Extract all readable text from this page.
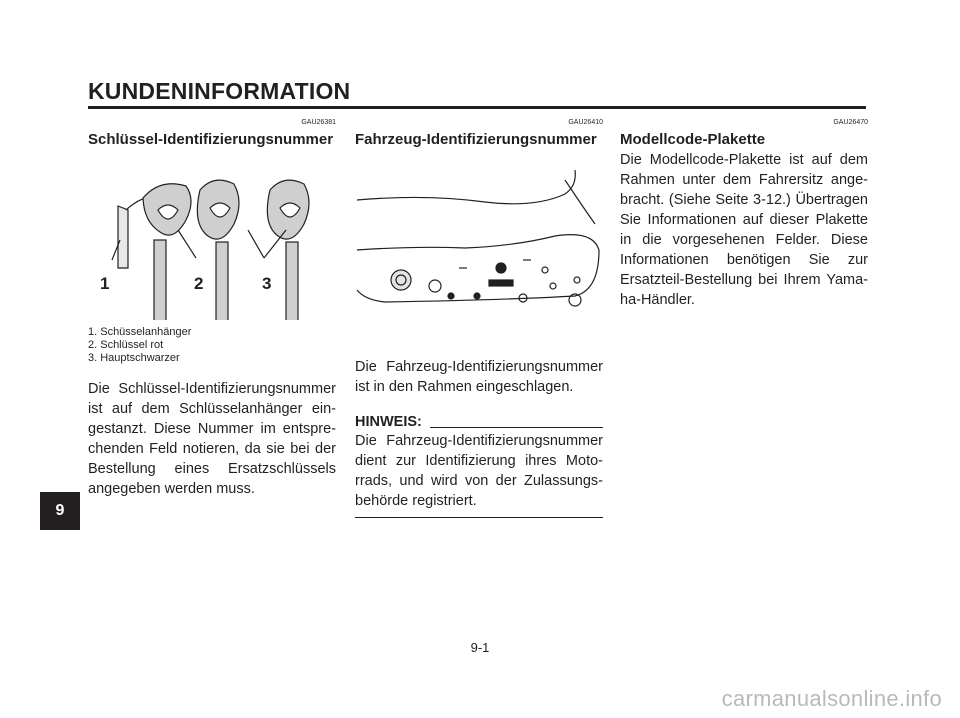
KUNDENINFORMATION
GAU26381
Schlüssel-Identifizierungsnummer
1	2	3
1. Schüsselanhänger
2. Schlüssel rot
3. Hauptschwarzer
Die Schlüssel-Identifizierungsnummer ist auf dem Schlüsselanhänger ein-gestanzt. Diese Nummer im entspre-chenden Feld notieren, da sie bei der Bestellung eines Ersatzschlüssels angegeben werden muss.
GAU26410
Fahrzeug-Identifizierungsnummer
Die Fahrzeug-Identifizierungsnummer ist in den Rahmen eingeschlagen.
HINWEIS:
Die Fahrzeug-Identifizierungsnummer dient zur Identifizierung ihres Moto-rrads, und wird von der Zulassungs-behörde registriert.
GAU26470
Modellcode-Plakette
Die Modellcode-Plakette ist auf dem Rahmen unter dem Fahrersitz ange-bracht. (Siehe Seite 3-12.) Übertragen Sie Informationen auf dieser Plakette in die vorgesehenen Felder. Diese Informationen benötigen Sie zur Ersatzteil-Bestellung bei Ihrem Yama-ha-Händler.
9
9-1
carmanualsonline.info
